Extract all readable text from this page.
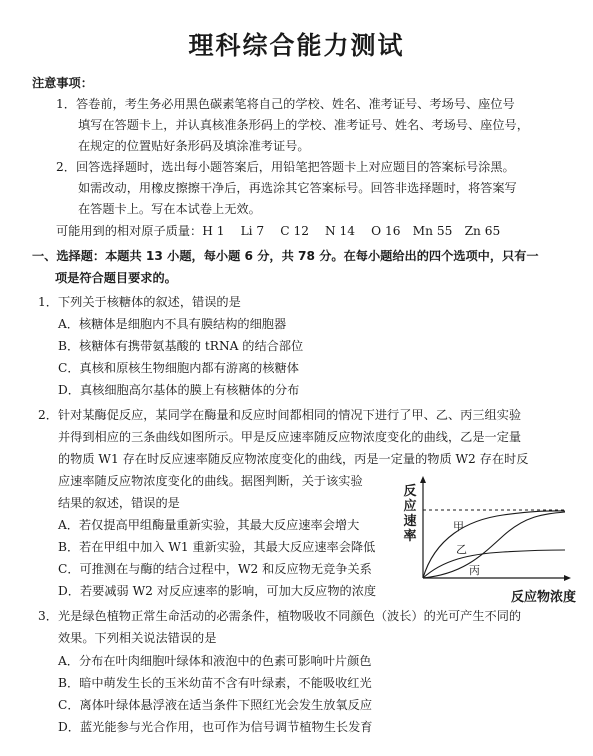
理科综合能力测试
注意事项：
1．答卷前，考生务必用黑色碳素笔将自己的学校、姓名、准考证号、考场号、座位号
填写在答题卡上，并认真核准条形码上的学校、准考证号、姓名、考场号、座位号，
在规定的位置贴好条形码及填涂准考证号。
2．回答选择题时，选出每小题答案后，用铅笔把答题卡上对应题目的答案标号涂黑。
如需改动，用橡皮擦擦干净后，再选涂其它答案标号。回答非选择题时，将答案写
在答题卡上。写在本试卷上无效。
可能用到的相对原子质量：H 1　 Li 7　 C 12　 N 14　 O 16　Mn 55　Zn 65
一、选择题：本题共 13 小题，每小题 6 分，共 78 分。在每小题给出的四个选项中，只有一
项是符合题目要求的。
1．下列关于核糖体的叙述，错误的是
A．核糖体是细胞内不具有膜结构的细胞器
B．核糖体有携带氨基酸的 tRNA 的结合部位
C．真核和原核生物细胞内都有游离的核糖体
D．真核细胞高尔基体的膜上有核糖体的分布
2．针对某酶促反应，某同学在酶量和反应时间都相同的情况下进行了甲、乙、丙三组实验
并得到相应的三条曲线如图所示。甲是反应速率随反应物浓度变化的曲线，乙是一定量
的物质 W1 存在时反应速率随反应物浓度变化的曲线，丙是一定量的物质 W2 存在时反
应速率随反应物浓度变化的曲线。据图判断，关于该实验
结果的叙述，错误的是
A．若仅提高甲组酶量重新实验，其最大反应速率会增大
B．若在甲组中加入 W1 重新实验，其最大反应速率会降低
C．可推测在与酶的结合过程中，W2 和反应物无竞争关系
D．若要减弱 W2 对反应速率的影响，可加大反应物的浓度
反应速率
反应物浓度
甲
乙
丙
3．光是绿色植物正常生命活动的必需条件，植物吸收不同颜色（波长）的光可产生不同的
效果。下列相关说法错误的是
A．分布在叶肉细胞叶绿体和液泡中的色素可影响叶片颜色
B．暗中萌发生长的玉米幼苗不含有叶绿素，不能吸收红光
C．离体叶绿体悬浮液在适当条件下照红光会发生放氧反应
D．蓝光能参与光合作用，也可作为信号调节植物生长发育
